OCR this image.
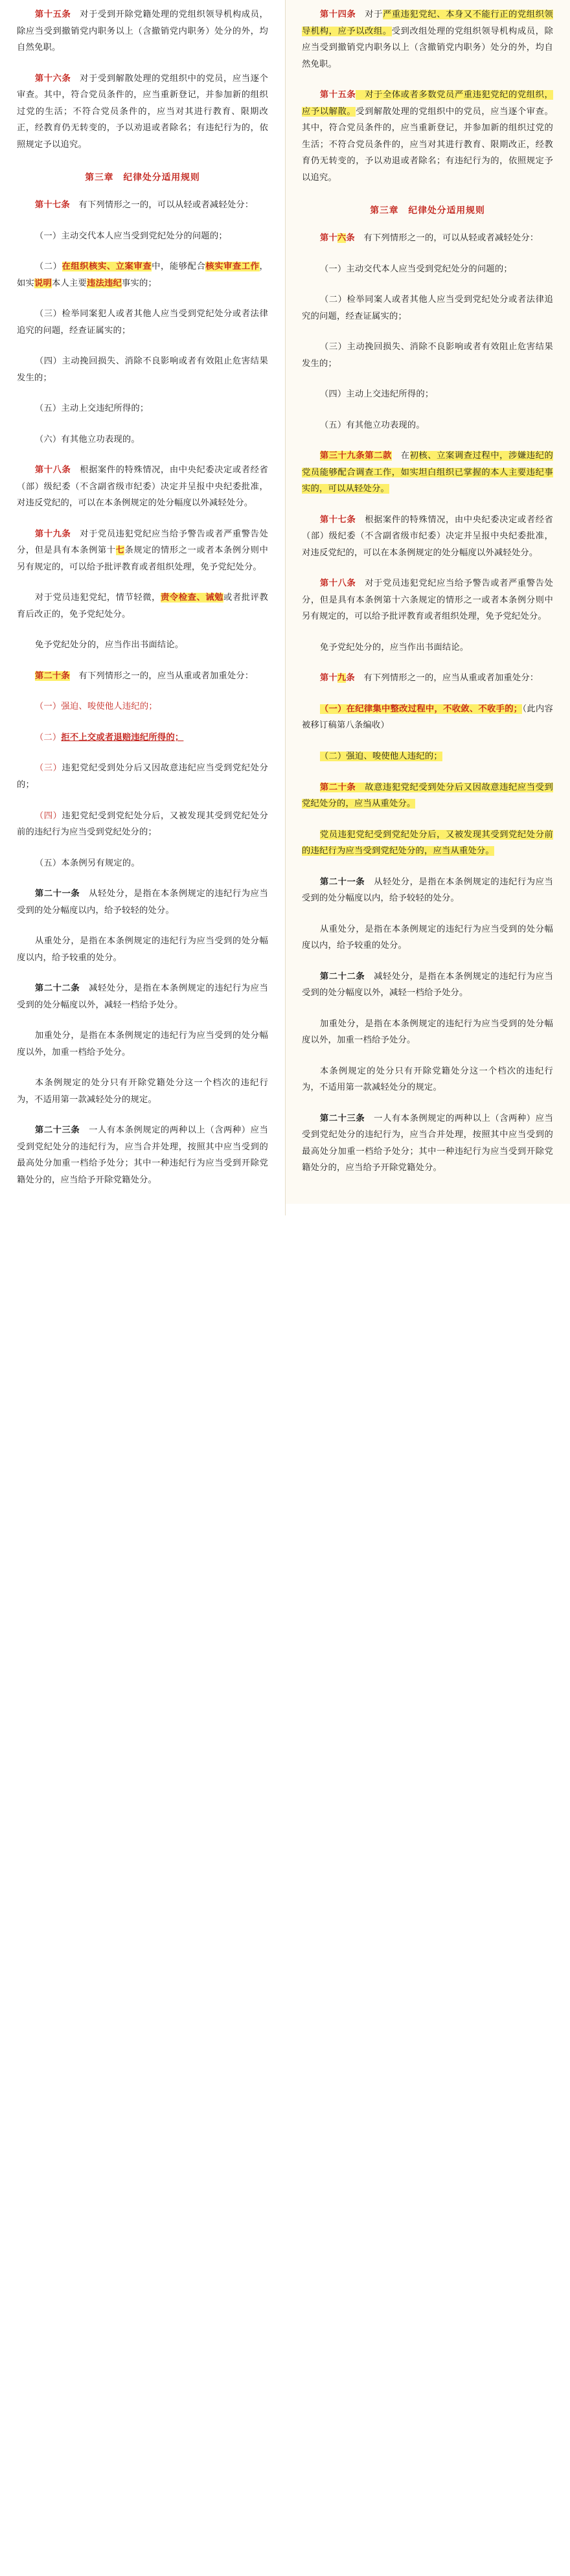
第十五条　对于受到开除党籍处理的党组织领导机构成员，除应当受到撤销党内职务以上（含撤销党内职务）处分的外，均自然免职。

第十六条　对于受到解散处理的党组织中的党员，应当逐个审查。其中，符合党员条件的，应当重新登记，并参加新的组织过党的生活；不符合党员条件的，应当对其进行教育、限期改正，经教育仍无转变的，予以劝退或者除名；有违纪行为的，依照规定予以追究。

第三章　纪律处分适用规则

第十七条　有下列情形之一的，可以从轻或者减轻处分：

（一）主动交代本人应当受到党纪处分的问题的；

（二）在组织核实、立案审查中，能够配合核实审查工作，如实说明本人主要违法违纪事实的；

（三）检举同案犯人或者其他人应当受到党纪处分或者法律追究的问题，经查证属实的；

（四）主动挽回损失、消除不良影响或者有效阻止危害结果发生的；

（五）主动上交违纪所得的；

（六）有其他立功表现的。

第十八条　根据案件的特殊情况，由中央纪委决定或者经省（部）级纪委（不含副省级市纪委）决定并呈报中央纪委批准，对违反党纪的，可以在本条例规定的处分幅度以外减轻处分。

第十九条　对于党员违犯党纪应当给予警告或者严重警告处分，但是具有本条例第十七条规定的情形之一或者本条例分则中另有规定的，可以给予批评教育或者组织处理，免予党纪处分。

对于党员违犯党纪，情节轻微，责令检查、诫勉或者批评教育后改正的，免予党纪处分。

免予党纪处分的，应当作出书面结论。

第二十条　有下列情形之一的，应当从重或者加重处分：

（一）强迫、唆使他人违纪的；

（二）拒不上交或者退赔违纪所得的；

（三）违犯党纪受到处分后又因故意违纪应当受到党纪处分的；

（四）违犯党纪受到党纪处分后，又被发现其受到党纪处分前的违纪行为应当受到党纪处分的；

（五）本条例另有规定的。

第二十一条　从轻处分，是指在本条例规定的违纪行为应当受到的处分幅度以内，给予较轻的处分。

从重处分，是指在本条例规定的违纪行为应当受到的处分幅度以内，给予较重的处分。

第二十二条　减轻处分，是指在本条例规定的违纪行为应当受到的处分幅度以外，减轻一档给予处分。

加重处分，是指在本条例规定的违纪行为应当受到的处分幅度以外，加重一档给予处分。

本条例规定的处分只有开除党籍处分这一个档次的违纪行为，不适用第一款减轻处分的规定。

第二十三条　一人有本条例规定的两种以上（含两种）应当受到党纪处分的违纪行为，应当合并处理，按照其中应当受到的最高处分加重一档给予处分；其中一种违纪行为应当受到开除党籍处分的，应当给予开除党籍处分。

第十四条　对于严重违犯党纪、本身又不能行正的党组织领导机构，应予以改组。受到改组处理的党组织领导机构成员，除应当受到撤销党内职务以上（含撤销党内职务）处分的外，均自然免职。

第十五条　对于全体或者多数党员严重违犯党纪的党组织，应予以解散。受到解散处理的党组织中的党员，应当逐个审查。其中，符合党员条件的，应当重新登记，并参加新的组织过党的生活；不符合党员条件的，应当对其进行教育、限期改正，经教育仍无转变的，予以劝退或者除名；有违纪行为的，依照规定予以追究。

第三章　纪律处分适用规则

第十六条　有下列情形之一的，可以从轻或者减轻处分：

（一）主动交代本人应当受到党纪处分的问题的；

（二）检举同案人或者其他人应当受到党纪处分或者法律追究的问题，经查证属实的；

（三）主动挽回损失、消除不良影响或者有效阻止危害结果发生的；

（四）主动上交违纪所得的；

（五）有其他立功表现的。

第三十九条第二款　在初核、立案调查过程中，涉嫌违纪的党员能够配合调查工作，如实坦白组织已掌握的本人主要违纪事实的，可以从轻处分。

第十七条　根据案件的特殊情况，由中央纪委决定或者经省（部）级纪委（不含副省级市纪委）决定并呈报中央纪委批准，对违反党纪的，可以在本条例规定的处分幅度以外减轻处分。

第十八条　对于党员违犯党纪应当给予警告或者严重警告处分，但是具有本条例第十六条规定的情形之一或者本条例分则中另有规定的，可以给予批评教育或者组织处理，免予党纪处分。

免予党纪处分的，应当作出书面结论。

第十九条　有下列情形之一的，应当从重或者加重处分：

（一）在纪律集中整改过程中，不收敛、不收手的；（此内容被移订稿第八条编收）

（二）强迫、唆使他人违纪的；

第二十条　故意违犯党纪受到处分后又因故意违纪应当受到党纪处分的，应当从重处分。

党员违犯党纪受到党纪处分后，又被发现其受到党纪处分前的违纪行为应当受到党纪处分的，应当从重处分。

第二十一条　从轻处分，是指在本条例规定的违纪行为应当受到的处分幅度以内，给予较轻的处分。

从重处分，是指在本条例规定的违纪行为应当受到的处分幅度以内，给予较重的处分。

第二十二条　减轻处分，是指在本条例规定的违纪行为应当受到的处分幅度以外，减轻一档给予处分。

加重处分，是指在本条例规定的违纪行为应当受到的处分幅度以外，加重一档给予处分。

本条例规定的处分只有开除党籍处分这一个档次的违纪行为，不适用第一款减轻处分的规定。

第二十三条　一人有本条例规定的两种以上（含两种）应当受到党纪处分的违纪行为，应当合并处理，按照其中应当受到的最高处分加重一档给予处分；其中一种违纪行为应当受到开除党籍处分的，应当给予开除党籍处分。
